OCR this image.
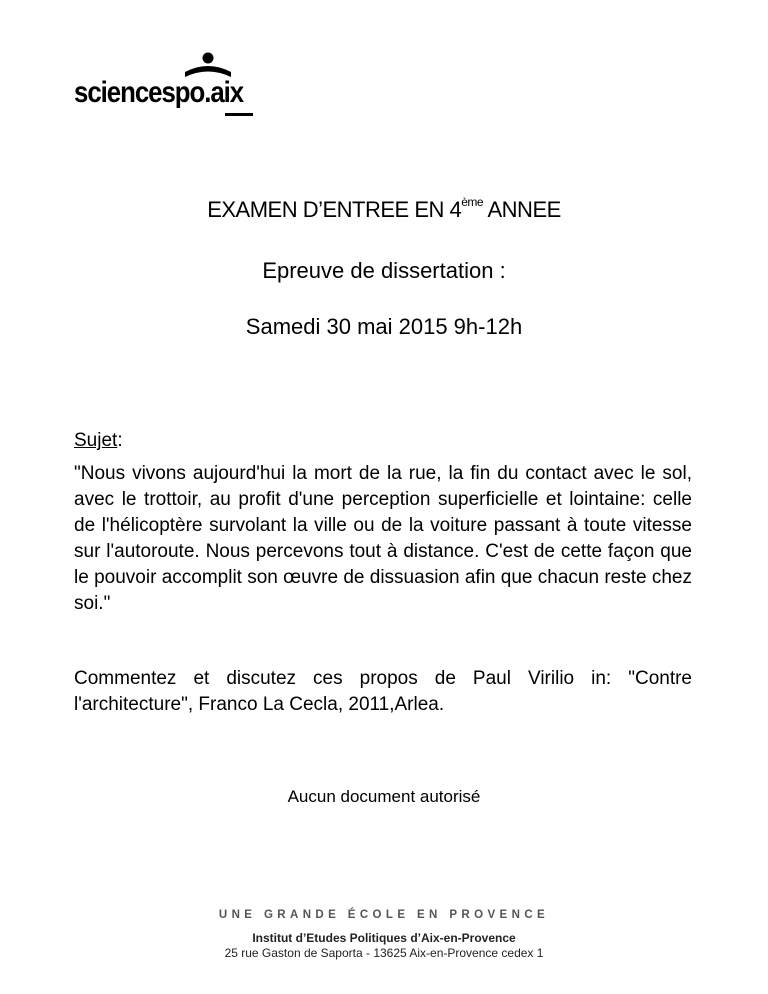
sciencespo.aix
EXAMEN D’ENTREE EN 4ème ANNEE
Epreuve de dissertation :
Samedi 30 mai 2015 9h-12h
Sujet:

"Nous vivons aujourd'hui la mort de la rue, la fin du contact avec le sol, avec le trottoir, au profit d'une perception superficielle et lointaine: celle de l'hélicoptère survolant la ville ou de la voiture passant à toute vitesse sur l'autoroute. Nous percevons tout à distance. C'est de cette façon que le pouvoir accomplit son œuvre de dissuasion afin que chacun reste chez soi."

Commentez et discutez ces propos de Paul Virilio in: "Contre l'architecture", Franco La Cecla, 2011,Arlea.

Aucun document autorisé
UNE GRANDE ÉCOLE EN PROVENCE
Institut d’Etudes Politiques d’Aix-en-Provence
25 rue Gaston de Saporta - 13625 Aix-en-Provence cedex 1
